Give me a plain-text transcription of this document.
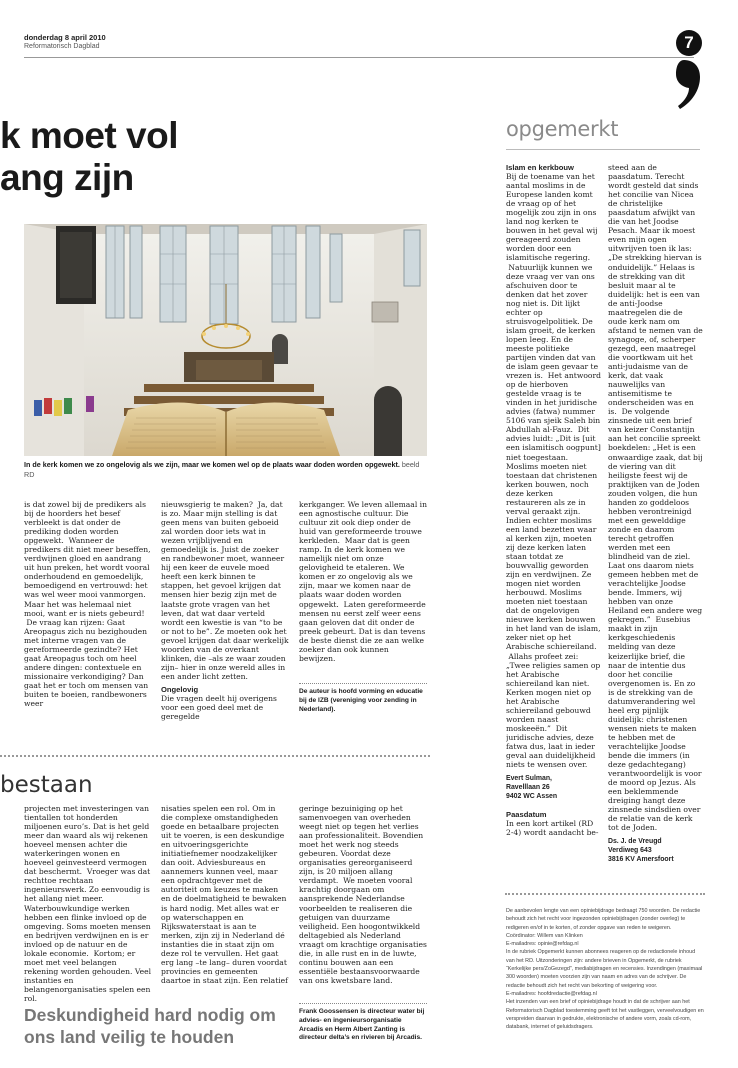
donderdag 8 april 2010
Reformatorisch Dagblad	7
k moet vol
ang zijn
In de kerk komen we zo ongelovig als we zijn, maar we komen wel op de plaats waar doden worden opgewekt. beeld RD

is dat zowel bij de predikers als bij de hoorders het besef verbleekt is dat onder de prediking doden worden opgewekt.  Wanneer de predikers dit niet meer beseffen, verdwijnen gloed en aandrang uit hun preken, het wordt vooral onderhoudend en gemoedelijk, bemoedigend en vertrouwd: het was wel weer mooi vanmorgen. Maar het was helemaal niet mooi, want er is niets gebeurd!  De vraag kan rijzen: Gaat Areopagus zich nu bezighouden met interne vragen van de gereformeerde gezindte? Het gaat Areopagus toch om heel andere dingen: contextuele en missionaire verkondiging? Dan gaat het er toch om mensen van buiten te boeien, randbewoners weer

nieuwsgierig te maken?  Ja, dat is zo. Maar mijn stelling is dat geen mens van buiten geboeid zal worden door iets wat in wezen vrijblijvend en gemoedelijk is. Juist de zoeker en randbewoner moet, wanneer hij een keer de euvele moed heeft een kerk binnen te stappen, het gevoel krijgen dat mensen hier bezig zijn met de laatste grote vragen van het leven, dat wat daar verteld wordt een kwestie is van “to be or not to be”. Ze moeten ook het gevoel krijgen dat daar werkelijk woorden van de overkant klinken, die –als ze waar zouden zijn– hier in onze wereld alles in een ander licht zetten.

Ongelovig

Die vragen deelt hij overigens voor een goed deel met de geregelde

kerkganger. We leven allemaal in een agnostische cultuur. Die cultuur zit ook diep onder de huid van gereformeerde trouwe kerkleden.  Maar dat is geen ramp. In de kerk komen we namelijk niet om onze gelovigheid te etaleren. We komen er zo ongelovig als we zijn, maar we komen naar de plaats waar doden worden opgewekt.  Laten gereformeerde mensen nu eerst zelf weer eens gaan geloven dat dit onder de preek gebeurt. Dat is dan tevens de beste dienst die ze aan welke zoeker dan ook kunnen bewijzen.

De auteur is hoofd vorming en educatie bij de IZB (vereniging voor zending in Nederland).
bestaan

projecten met investeringen van tientallen tot honderden miljoenen euro’s. Dat is het geld meer dan waard als wij rekenen hoeveel mensen achter die waterkeringen wonen en hoeveel geinvesteerd vermogen dat beschermt.  Vroeger was dat rechttoe rechtaan ingenieurswerk. Zo eenvoudig is het allang niet meer. Waterbouwkundige werken hebben een flinke invloed op de omgeving. Soms moeten mensen en bedrijven verdwijnen en is er invloed op de natuur en de lokale economie.  Kortom; er moet met veel belangen rekening worden gehouden. Veel instanties en belangenorganisaties spelen een rol.

nisaties spelen een rol. Om in die complexe omstandigheden goede en betaalbare projecten uit te voeren, is een deskundige en uitvoeringsgerichte initiatiefnemer noodzakelijker dan ooit. Adviesbureaus en aannemers kunnen veel, maar een opdrachtgever met de autoriteit om keuzes te maken en de doelmatigheid te bewaken is hard nodig. Met alles wat er op waterschappen en Rijkswaterstaat is aan te merken, zijn zij in Nederland dé instanties die in staat zijn om deze rol te vervullen. Het gaat erg lang –te lang– duren voordat provincies en gemeenten daartoe in staat zijn. Een relatief

geringe bezuiniging op het samenvoegen van overheden weegt niet op tegen het verlies aan professionaliteit. Bovendien moet het werk nog steeds gebeuren. Voordat deze organisaties gereorganiseerd zijn, is 20 miljoen allang verdampt.  We moeten vooral krachtig doorgaan om aansprekende Nederlandse voorbeelden te realiseren die getuigen van duurzame veiligheid. Een hoogontwikkeld deltagebied als Nederland vraagt om krachtige organisaties die, in alle rust en in de luwte, continu bouwen aan een essentiële bestaansvoorwaarde van ons kwetsbare land.

Deskundigheid hard nodig om ons land veilig te houden
Frank Goossensen is directeur water bij advies- en ingenieursorganisatie Arcadis en Herm Albert Zanting is directeur delta’s en rivieren bij Arcadis.
opgemerkt

Islam en kerkbouw

Bij de toename van het aantal moslims in de Europese landen komt de vraag op of het mogelijk zou zijn in ons land nog kerken te bouwen in het geval wij gereageerd zouden worden door een islamitische regering.  Natuurlijk kunnen we deze vraag ver van ons afschuiven door te denken dat het zover nog niet is. Dit lijkt echter op struisvogelpolitiek. De islam groeit, de kerken lopen leeg. En de meeste politieke partijen vinden dat van de islam geen gevaar te vrezen is.  Het antwoord op de hierboven gestelde vraag is te vinden in het juridische advies (fatwa) nummer 5106 van sjeik Saleh bin Abdullah al-Fauz.  Dit advies luidt: „Dit is [uit een islamitisch oogpunt] niet toegestaan. Moslims moeten niet toestaan dat christenen kerken bouwen, noch deze kerken restaureren als ze in verval geraakt zijn. Indien echter moslims een land bezetten waar al kerken zijn, moeten zij deze kerken laten staan totdat ze bouwvallig geworden zijn en verdwijnen. Ze mogen niet worden herbouwd. Moslims moeten niet toestaan dat de ongelovigen nieuwe kerken bouwen in het land van de islam, zeker niet op het Arabische schiereiland.  Allahs profeet zei: „Twee religies samen op het Arabische schiereiland kan niet. Kerken mogen niet op het Arabische schiereiland gebouwd worden naast moskeeën.”  Dit juridische advies, deze fatwa dus, laat in ieder geval aan duidelijkheid niets te wensen over.

Evert Sulman,
Ravelllaan 26
9402 WC Assen

Paasdatum

In een kort artikel (RD 2-4) wordt aandacht be-

steed aan de paasdatum. Terecht wordt gesteld dat sinds het concilie van Nicea de christelijke paasdatum afwijkt van die van het Joodse Pesach. Maar ik moest even mijn ogen uitwrijven toen ik las: „De strekking hiervan is onduidelijk.” Helaas is de strekking van dit besluit maar al te duidelijk: het is een van de anti-Joodse maatregelen die de oude kerk nam om afstand te nemen van de synagoge, of, scherper gezegd, een maatregel die voortkwam uit het anti-judaisme van de kerk, dat vaak nauwelijks van antisemitisme te onderscheiden was en is.  De volgende zinsnede uit een brief van keizer Constantijn aan het concilie spreekt boekdelen: „Het is een onwaardige zaak, dat bij de viering van dit heiligste feest wij de praktijken van de Joden zouden volgen, die hun handen zo goddeloos hebben verontreinigd met een gewelddige zonde en daarom terecht getroffen werden met een blindheid van de ziel. Laat ons daarom niets gemeen hebben met de verachtelijke Joodse bende. Immers, wij hebben van onze Heiland een andere weg gekregen.”  Eusebius maakt in zijn kerkgeschiedenis melding van deze keizerlijke brief, die naar de intentie dus door het concilie overgenomen is. En zo is de strekking van de datumverandering wel heel erg pijnlijk duidelijk: christenen wensen niets te maken te hebben met de verachtelijke Joodse bende die immers (in deze gedachtegang) verantwoordelijk is voor de moord op Jezus. Als een beklemmende dreiging hangt deze zinsnede sindsdien over de relatie van de kerk tot de Joden.

Ds. J. de Vreugd
Verdiweg 643
3816 KV Amersfoort

De aanbevolen lengte van een opiniebijdrage bedraagt 750 woorden. De redactie behoudt zich het recht voor ingezonden opiniebijdragen (zonder overleg) te redigeren en/of in te korten, of zonder opgave van reden te weigeren.

Coördinator: Willem van Klinken

E-mailadres: opinie@refdag.nl

In de rubriek Opgemerkt kunnen abonnees reageren op de redactionele inhoud van het RD. Uitzonderingen zijn: andere brieven in Opgemerkt, de rubriek “Kerkelijke pers/ZoGezegd”, mediabijdragen en recensies. Inzendingen (maximaal 300 woorden) moeten voorzien zijn van naam en adres van de schrijver. De redactie behoudt zich het recht van bekorting of weigering voor.

E-mailadres: hoofdredactie@refdag.nl

Het inzenden van een brief of opiniebijdrage houdt in dat de schrijver aan het Reformatorisch Dagblad toestemming geeft tot het vastleggen, verveelvoudigen en verspreiden daarvan in gedrukte, elektronische of andere vorm, zoals cd-rom, databank, internet of geluidsdragers.
